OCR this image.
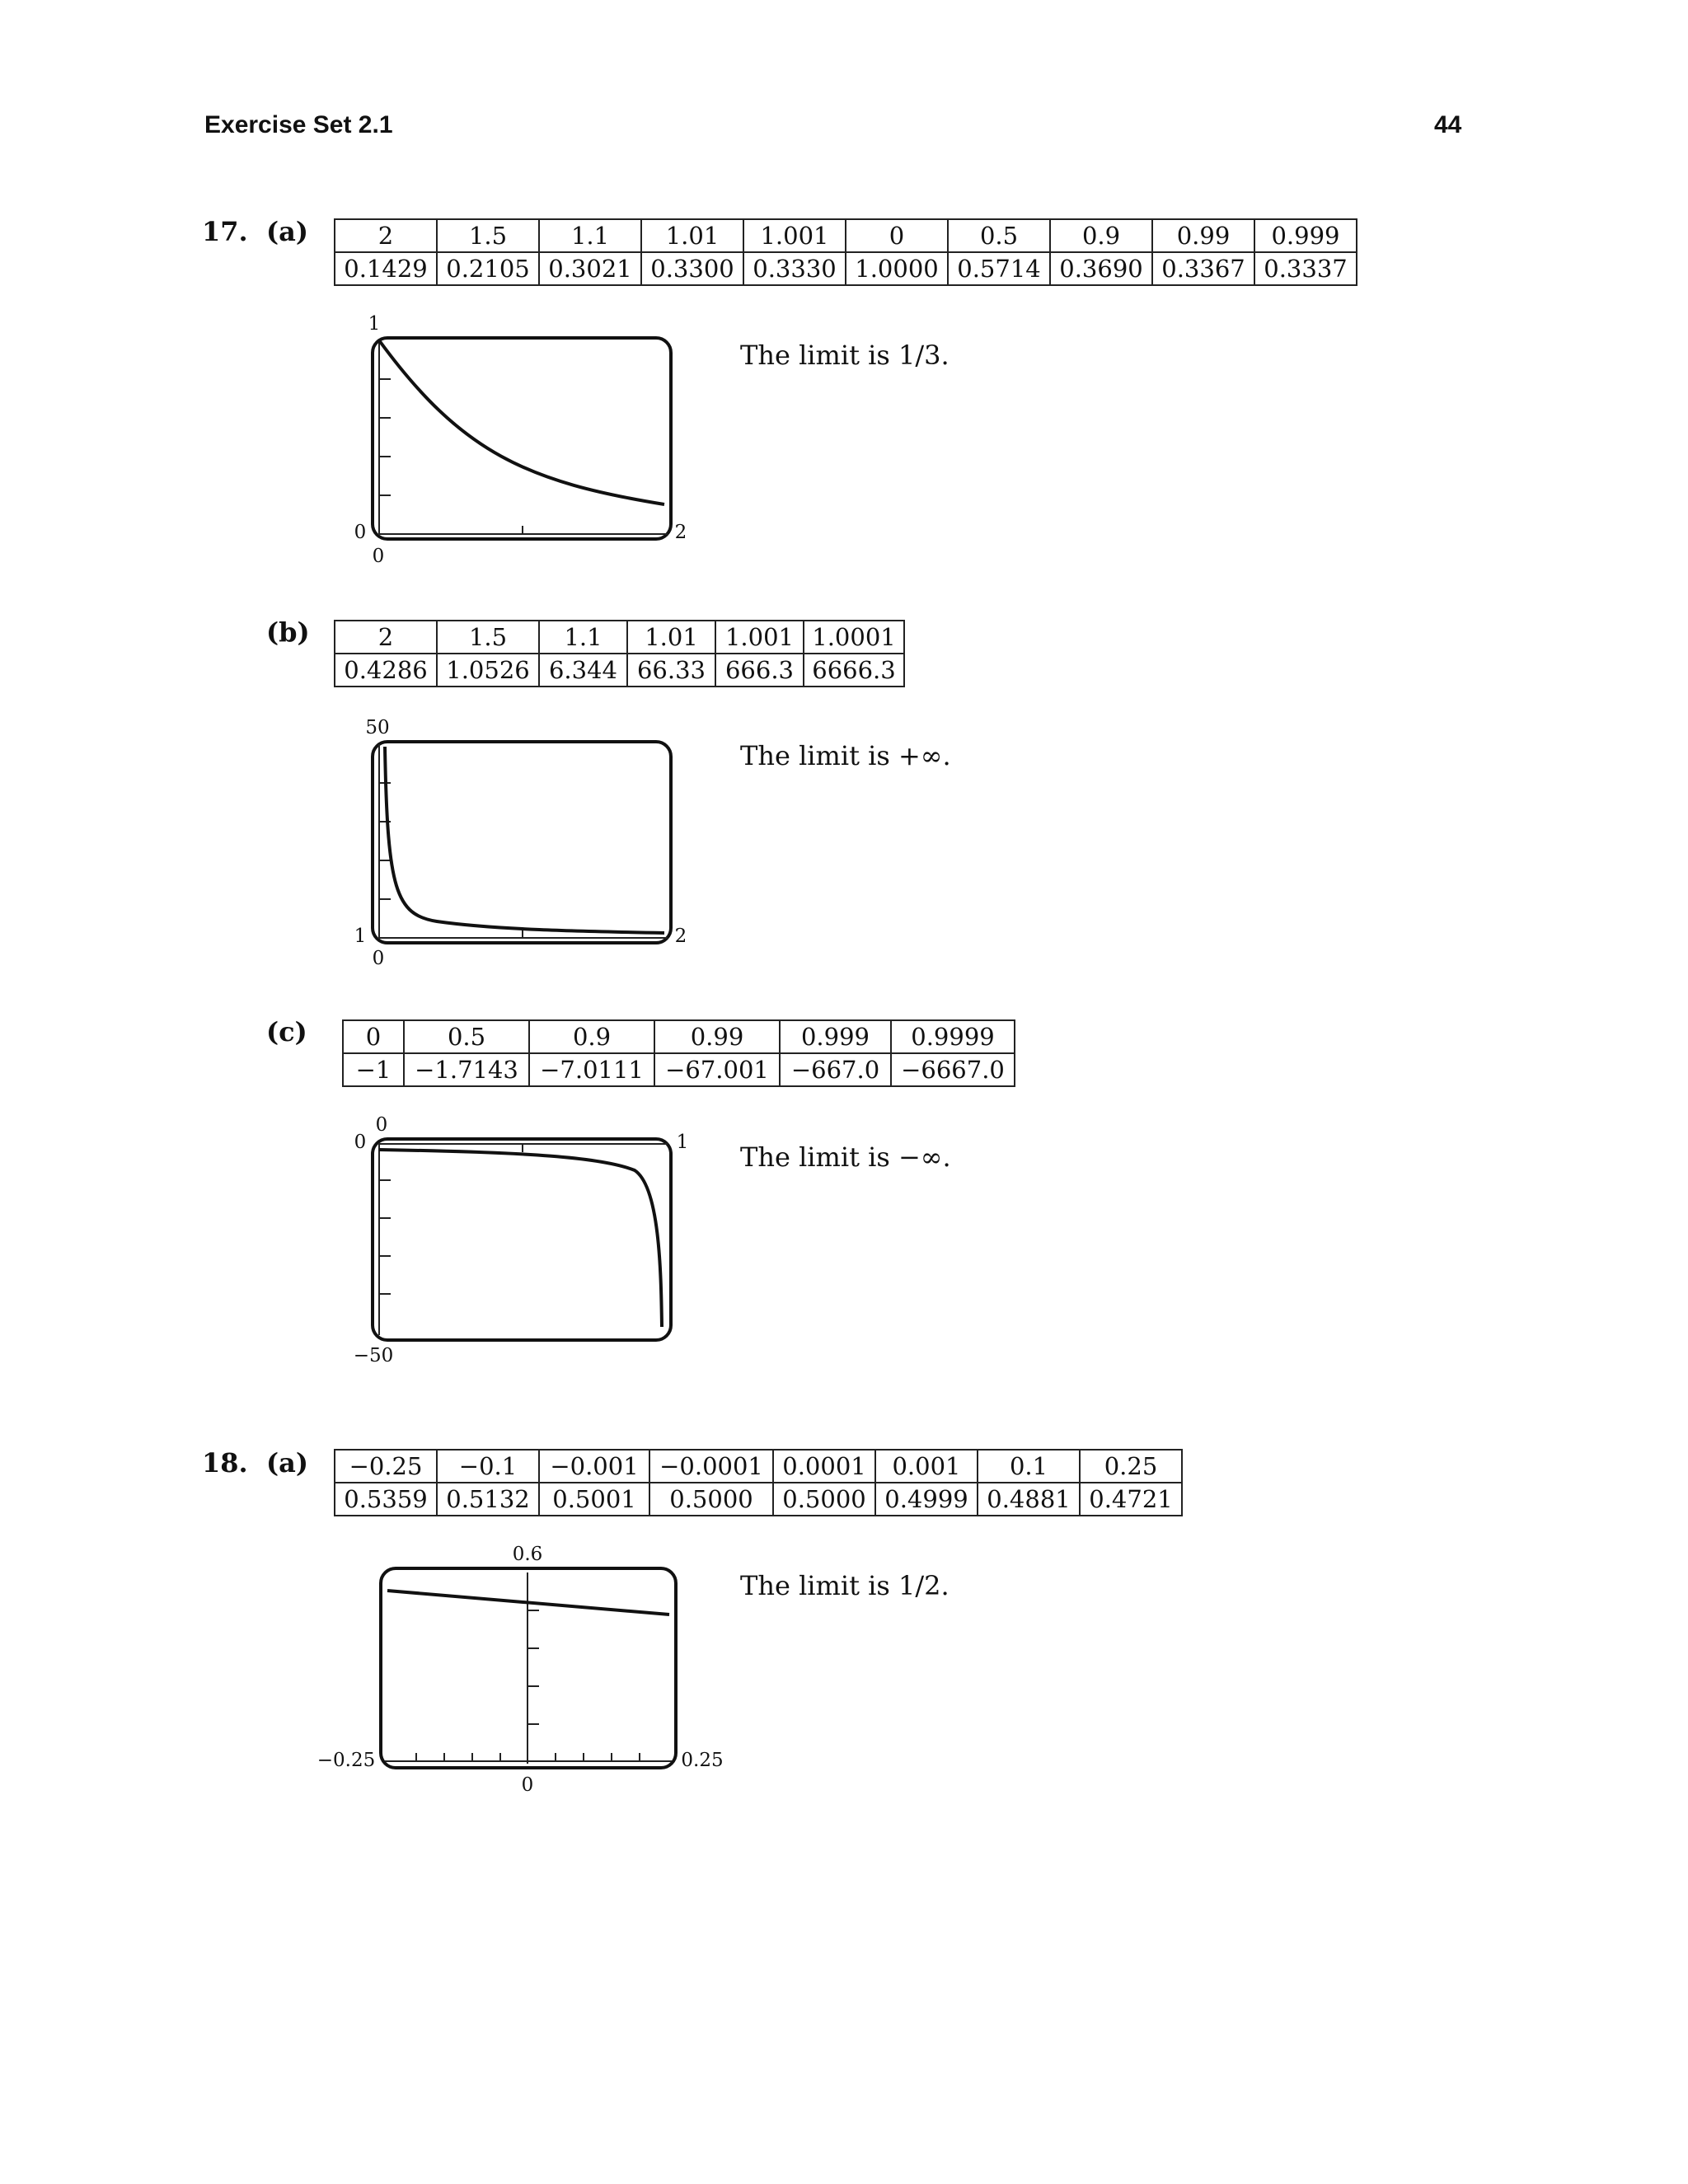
Exercise Set 2.1	44
17. (a)	2	1.5	1.1	1.01	1.001	0	0.5	0.9	0.99	0.999
0.1429	0.2105	0.3021	0.3300	0.3330	1.0000	0.5714	0.3690	0.3367	0.3337
1
0
0
2
The limit is 1/3.
(b)	2	1.5	1.1	1.01	1.001	1.0001
0.4286	1.0526	6.344	66.33	666.3	6666.3
50
1
0
2
The limit is +∞.
(c) 0	0.5	0.9	0.99	0.999	0.9999
−1	−1.7143	−7.0111	−67.001	−667.0	−6667.0
0
0	1
−50
The limit is −∞.
18. (a) −0.25	−0.1	−0.001	−0.0001	0.0001	0.001	0.1	0.25
0.5359	0.5132	0.5001	0.5000	0.5000	0.4999	0.4881	0.4721
0.6
−0.25
0
0.25
The limit is 1/2.
